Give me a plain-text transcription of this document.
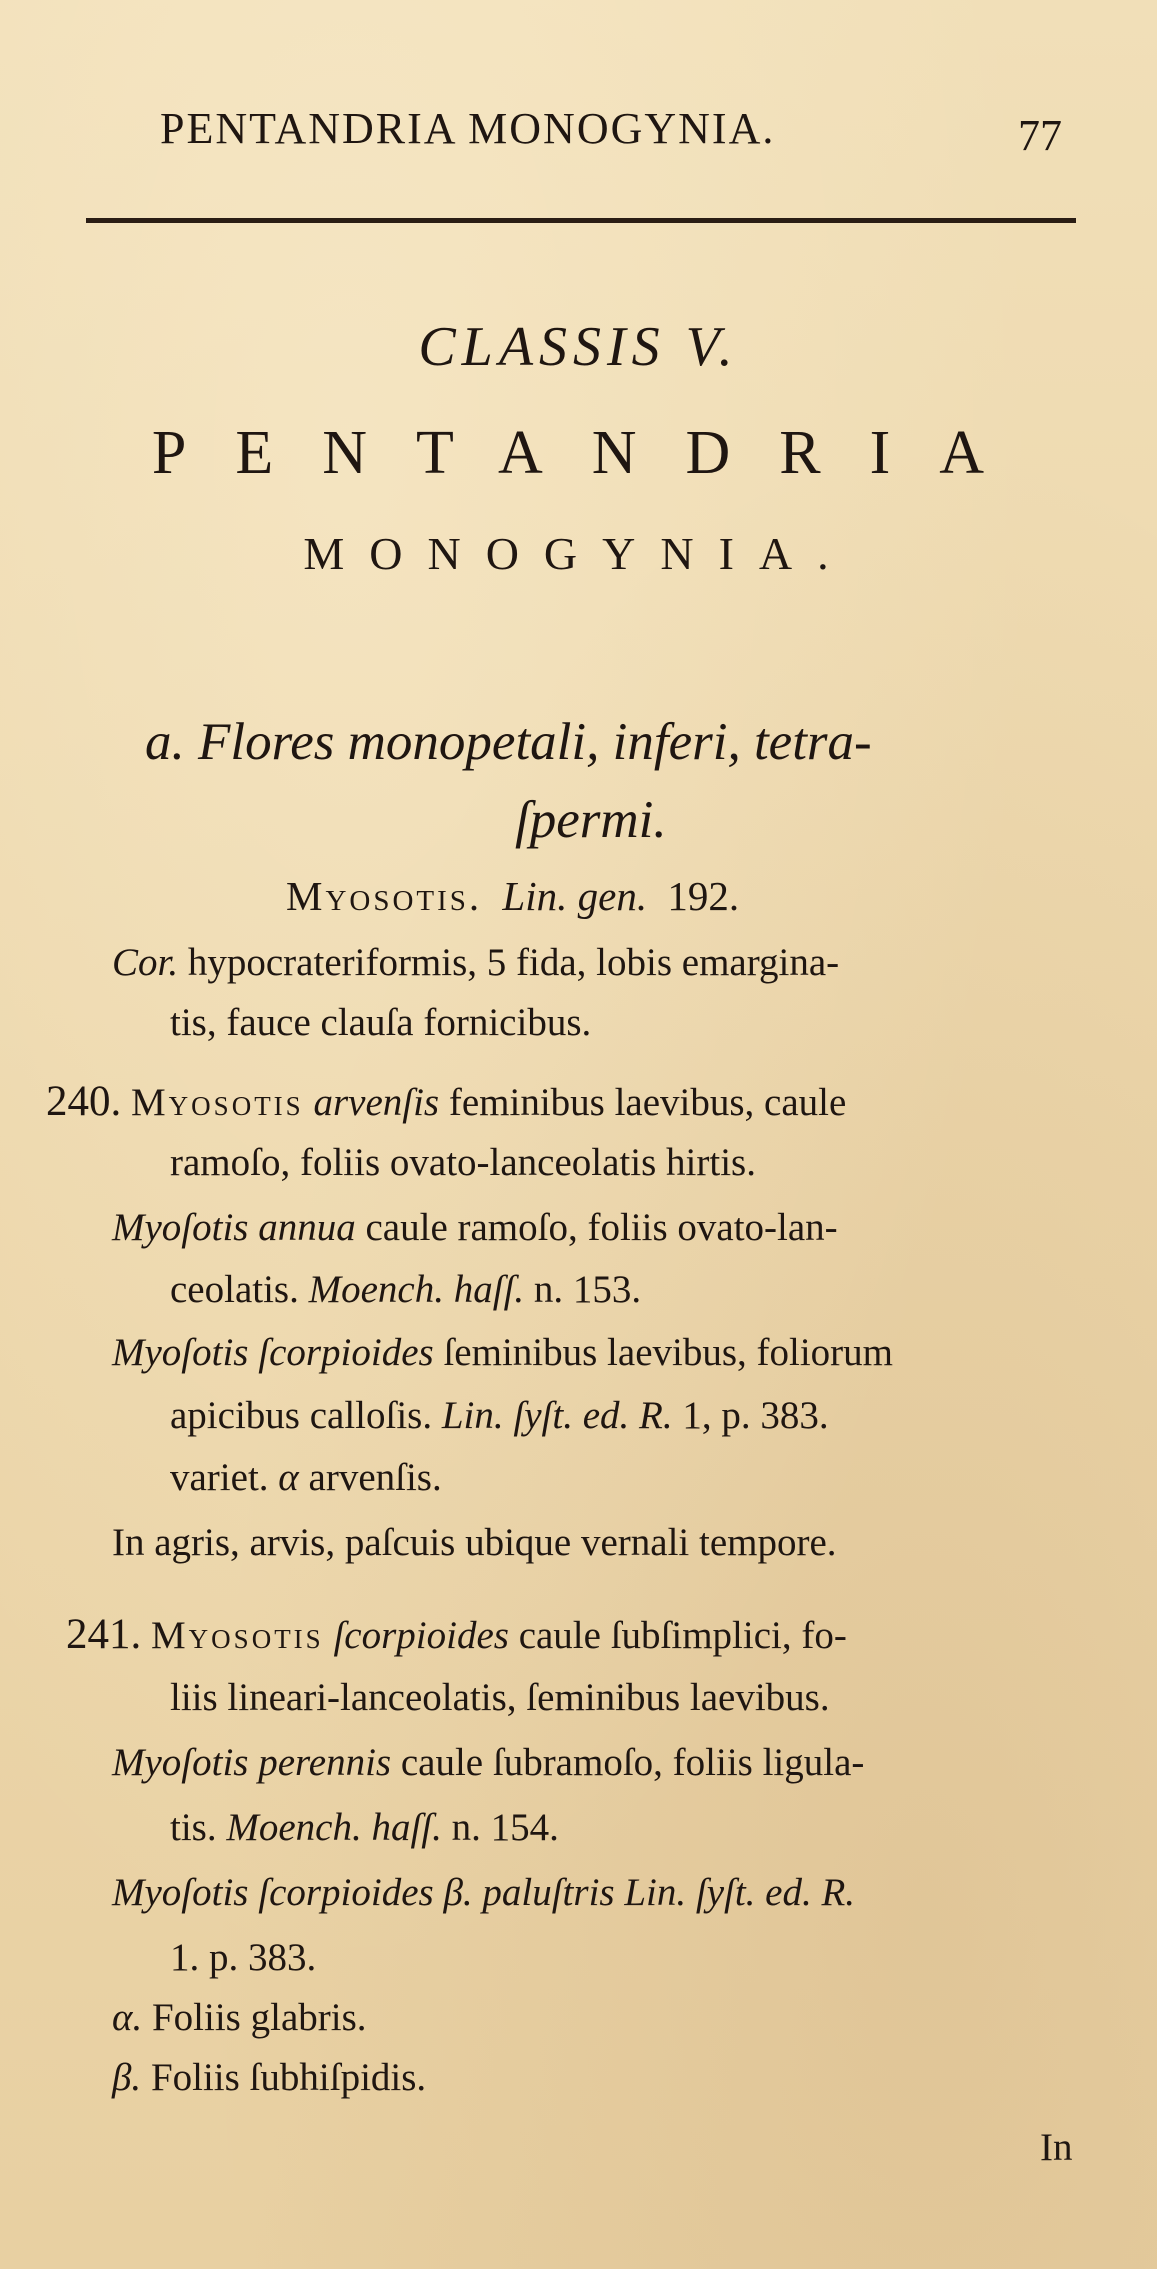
PENTANDRIA MONOGYNIA.	77
CLASSIS V.
PENTANDRIA
MONOGYNIA.
a. Flores monopetali, inferi, tetra-
ſpermi.
Myosotis. Lin. gen. 192.
Cor. hypocrateriformis, 5 fida, lobis emargina-
tis, fauce clauſa fornicibus.
240. Myosotis arvenſis feminibus laevibus, caule
ramoſo, foliis ovato-lanceolatis hirtis.
Myoſotis annua caule ramoſo, foliis ovato-lan-
ceolatis. Moench. haſſ. n. 153.
Myoſotis ſcorpioides ſeminibus laevibus, foliorum
apicibus calloſis. Lin. ſyſt. ed. R. 1, p. 383.
variet. α arvenſis.
In agris, arvis, paſcuis ubique vernali tempore.
241. Myosotis ſcorpioides caule ſubſimplici, fo-
liis lineari-lanceolatis, ſeminibus laevibus.
Myoſotis perennis caule ſubramoſo, foliis ligula-
tis. Moench. haſſ. n. 154.
Myoſotis ſcorpioides β. paluſtris Lin. ſyſt. ed. R.
1. p. 383.
α. Foliis glabris.
β. Foliis ſubhiſpidis.
In
